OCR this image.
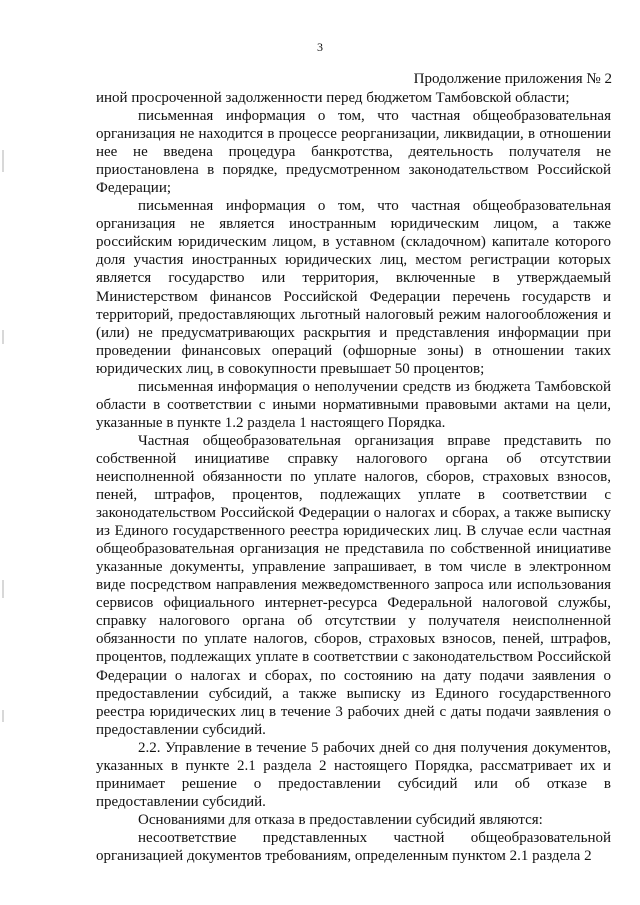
3
Продолжение приложения № 2

иной просроченной задолженности перед бюджетом Тамбовской области;

письменная информация о том, что частная общеобразовательная организация не находится в процессе реорганизации, ликвидации, в отношении нее не введена процедура банкротства, деятельность получателя не приостановлена в порядке, предусмотренном законодательством Российской Федерации;

письменная информация о том, что частная общеобразовательная организация не является иностранным юридическим лицом, а также российским юридическим лицом, в уставном (складочном) капитале которого доля участия иностранных юридических лиц, местом регистрации которых является государство или территория, включенные в утверждаемый Министерством финансов Российской Федерации перечень государств и территорий, предоставляющих льготный налоговый режим налогообложения и (или) не предусматривающих раскрытия и представления информации при проведении финансовых операций (офшорные зоны) в отношении таких юридических лиц, в совокупности превышает 50 процентов;

письменная информация о неполучении средств из бюджета Тамбовской области в соответствии с иными нормативными правовыми актами на цели, указанные в пункте 1.2 раздела 1 настоящего Порядка.

Частная общеобразовательная организация вправе представить по собственной инициативе справку налогового органа об отсутствии неисполненной обязанности по уплате налогов, сборов, страховых взносов, пеней, штрафов, процентов, подлежащих уплате в соответствии с законодательством Российской Федерации о налогах и сборах, а также выписку из Единого государственного реестра юридических лиц. В случае если частная общеобразовательная организация не представила по собственной инициативе указанные документы, управление запрашивает, в том числе в электронном виде посредством направления межведомственного запроса или использования сервисов официального интернет-ресурса Федеральной налоговой службы, справку налогового органа об отсутствии у получателя неисполненной обязанности по уплате налогов, сборов, страховых взносов, пеней, штрафов, процентов, подлежащих уплате в соответствии с законодательством Российской Федерации о налогах и сборах, по состоянию на дату подачи заявления о предоставлении субсидий, а также выписку из Единого государственного реестра юридических лиц в течение 3 рабочих дней с даты подачи заявления о предоставлении субсидий.

2.2. Управление в течение 5 рабочих дней со дня получения документов, указанных в пункте 2.1 раздела 2 настоящего Порядка, рассматривает их и принимает решение о предоставлении субсидий или об отказе в предоставлении субсидий.

Основаниями для отказа в предоставлении субсидий являются:

несоответствие представленных частной общеобразовательной организацией документов требованиям, определенным пунктом 2.1 раздела 2
